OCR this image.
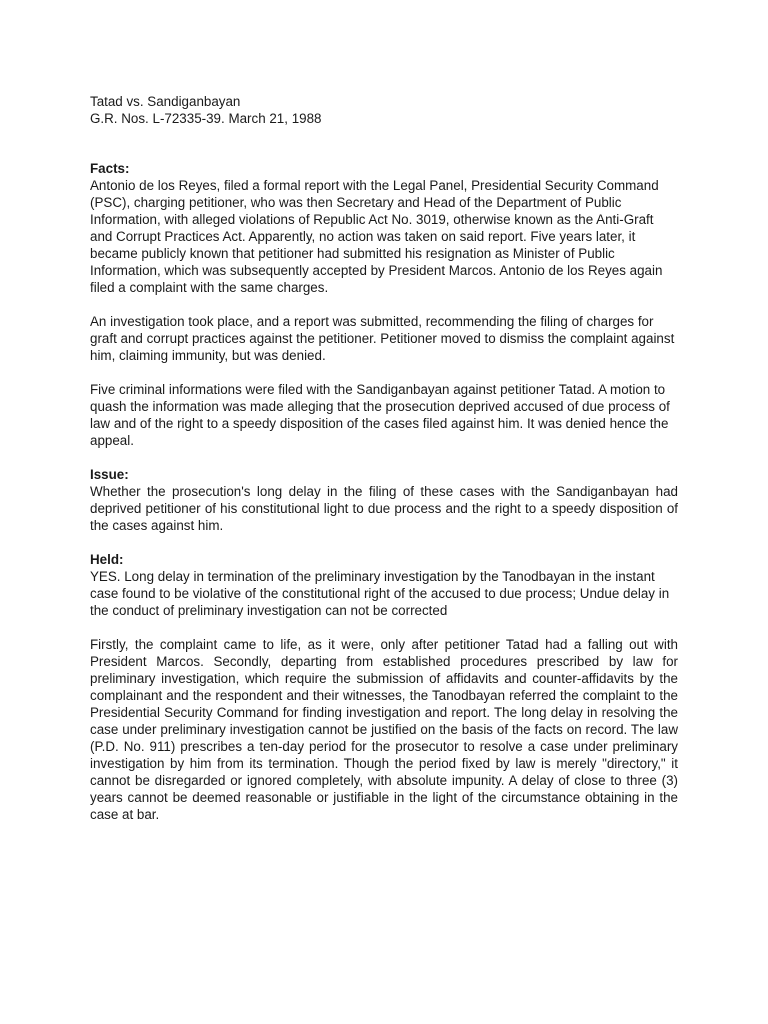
Tatad vs. Sandiganbayan

G.R. Nos. L-72335-39. March 21, 1988

Facts:

Antonio de los Reyes, filed a formal report with the Legal Panel, Presidential Security Command (PSC), charging petitioner, who was then Secretary and Head of the Department of Public Information, with alleged violations of Republic Act No. 3019, otherwise known as the Anti-Graft and Corrupt Practices Act. Apparently, no action was taken on said report. Five years later, it became publicly known that petitioner had submitted his resignation as Minister of Public Information, which was subsequently accepted by President Marcos. Antonio de los Reyes again filed a complaint with the same charges.

An investigation took place, and a report was submitted, recommending the filing of charges for graft and corrupt practices against the petitioner. Petitioner moved to dismiss the complaint against him, claiming immunity, but was denied.

Five criminal informations were filed with the Sandiganbayan against petitioner Tatad. A motion to quash the information was made alleging that the prosecution deprived accused of due process of law and of the right to a speedy disposition of the cases filed against him. It was denied hence the appeal.

Issue:

Whether the prosecution's long delay in the filing of these cases with the Sandiganbayan had deprived petitioner of his constitutional light to due process and the right to a speedy disposition of the cases against him.

Held:

YES. Long delay in termination of the preliminary investigation by the Tanodbayan in the instant case found to be violative of the constitutional right of the accused to due process; Undue delay in the conduct of preliminary investigation can not be corrected

Firstly, the complaint came to life, as it were, only after petitioner Tatad had a falling out with President Marcos. Secondly, departing from established procedures prescribed by law for preliminary investigation, which require the submission of affidavits and counter-affidavits by the complainant and the respondent and their witnesses, the Tanodbayan referred the complaint to the Presidential Security Command for finding investigation and report. The long delay in resolving the case under preliminary investigation cannot be justified on the basis of the facts on record. The law (P.D. No. 911) prescribes a ten-day period for the prosecutor to resolve a case under preliminary investigation by him from its termination. Though the period fixed by law is merely "directory," it cannot be disregarded or ignored completely, with absolute impunity. A delay of close to three (3) years cannot be deemed reasonable or justifiable in the light of the circumstance obtaining in the case at bar.
